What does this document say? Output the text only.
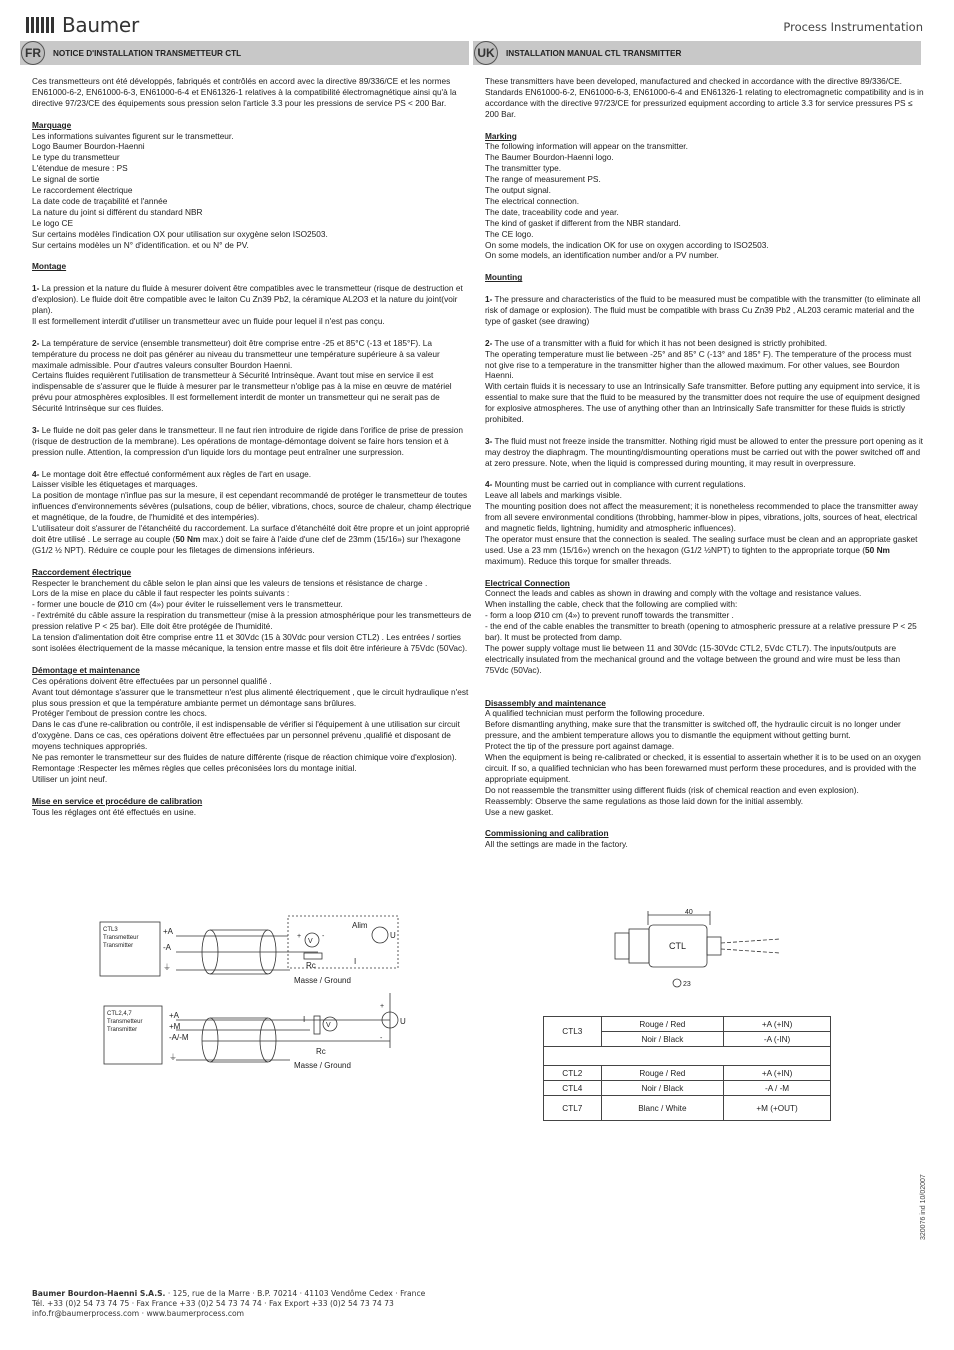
Baumer	Process Instrumentation
FR	NOTICE D'INSTALLATION TRANSMETTEUR CTL	UK	INSTALLATION MANUAL CTL TRANSMITTER

Ces transmetteurs ont été développés, fabriqués et contrôlés en accord avec la directive 89/336/CE et les normes EN61000-6-2, EN61000-6-3, EN61000-6-4 et EN61326-1 relatives à la compatibilité électromagnétique ainsi qu'à la directive 97/23/CE des équipements sous pression selon l'article 3.3 pour les pressions de service PS < 200 Bar.

Marquage

Les informations suivantes figurent sur le transmetteur.

Logo Baumer Bourdon-Haenni

Le type du transmetteur

L'étendue de mesure : PS

Le signal de sortie

Le raccordement électrique

La date code de traçabilité et l'année

La nature du joint si différent du standard NBR

Le logo CE

Sur certains modèles l'indication OX pour utilisation sur oxygène selon ISO2503.

Sur certains modèles un N° d'identification. et ou N° de PV.

Montage

1- La pression et la nature du fluide à mesurer doivent être compatibles avec le transmetteur (risque de destruction et d'explosion). Le fluide doit être compatible avec le laiton Cu Zn39 Pb2, la céramique AL2O3 et la nature du joint(voir plan).

Il est formellement interdit d'utiliser un transmetteur avec un fluide pour lequel il n'est pas conçu.

2- La température de service (ensemble transmetteur) doit être comprise entre -25 et 85°C (-13 et 185°F). La température du process ne doit pas générer au niveau du transmetteur une température supérieure à sa valeur maximale admissible. Pour d'autres valeurs consulter Bourdon Haenni.

Certains fluides requièrent l'utilisation de transmetteur à Sécurité Intrinsèque. Avant tout mise en service il est indispensable de s'assurer que le fluide à mesurer par le transmetteur n'oblige pas à la mise en œuvre de matériel prévu pour atmosphères explosibles. Il est formellement interdit de monter un transmetteur qui ne serait pas de Sécurité Intrinsèque sur ces fluides.

3- Le fluide ne doit pas geler dans le transmetteur. Il ne faut rien introduire de rigide dans l'orifice de prise de pression (risque de destruction de la membrane). Les opérations de montage-démontage doivent se faire hors tension et à pression nulle. Attention, la compression d'un liquide lors du montage peut entraîner une surpression.

4- Le montage doit être effectué conformément aux règles de l'art en usage.

Laisser visible les étiquetages et marquages.

La position de montage n'influe pas sur la mesure, il est cependant recommandé de protéger le transmetteur de toutes influences d'environnements sévères (pulsations, coup de bélier, vibrations, chocs, source de chaleur, champ électrique et magnétique, de la foudre, de l'humidité et des intempéries).

L'utilisateur doit s'assurer de l'étanchéité du raccordement. La surface d'étanchéité doit être propre et un joint approprié doit être utilisé . Le serrage au couple (50 Nm max.) doit se faire à l'aide d'une clef de 23mm (15/16») sur l'hexagone (G1/2 ½ NPT). Réduire ce couple pour les filetages de dimensions inférieurs.

Raccordement électrique

Respecter le branchement du câble selon le plan ainsi que les valeurs de tensions et résistance de charge .

Lors de la mise en place du câble il faut respecter les points suivants :

- former une boucle de Ø10 cm (4») pour éviter le ruissellement vers le transmetteur.

- l'extrémité du câble assure la respiration du transmetteur (mise à la pression atmosphérique pour les transmetteurs de pression relative P < 25 bar). Elle doit être protégée de l'humidité.

La tension d'alimentation doit être comprise entre 11 et 30Vdc (15 à 30Vdc pour version CTL2) . Les entrées / sorties sont isolées électriquement de la masse mécanique, la tension entre masse et fils doit être inférieure à 75Vdc (50Vac).

Démontage et maintenance

Ces opérations doivent être effectuées par un personnel qualifié .

Avant tout démontage s'assurer que le transmetteur n'est plus alimenté électriquement , que le circuit hydraulique n'est plus sous pression et que la température ambiante permet un démontage sans brûlures.

Protéger l'embout de pression contre les chocs.

Dans le cas d'une re-calibration ou contrôle, il est indispensable de vérifier si l'équipement à une utilisation sur circuit d'oxygène. Dans ce cas, ces opérations doivent être effectuées par un personnel prévenu ,qualifié et disposant de moyens techniques appropriés.

Ne pas remonter le transmetteur sur des fluides de nature différente (risque de réaction chimique voire d'explosion).

Remontage :Respecter les mêmes règles que celles préconisées lors du montage initial.

Utiliser un joint neuf.

Mise en service et procédure de calibration

Tous les réglages ont été effectués en usine.

These transmitters have been developed, manufactured and checked in accordance with the directive 89/336/CE. Standards EN61000-6-2, EN61000-6-3, EN61000-6-4 and EN61326-1 relating to electromagnetic compatibility and is in accordance with the directive 97/23/CE for pressurized equipment according to article 3.3 for service pressures PS ≤ 200 Bar.

Marking

The following information will appear on the transmitter.

The Baumer Bourdon-Haenni logo.

The transmitter type.

The range of measurement PS.

The output signal.

The electrical connection.

The date, traceability code and year.

The kind of gasket if different from the NBR standard.

The CE logo.

On some models, the indication OK for use on oxygen according to ISO2503.

On some models, an identification number and/or a PV number.

Mounting

1- The pressure and characteristics of the fluid to be measured must be compatible with the transmitter (to eliminate all risk of damage or explosion). The fluid must be compatible with brass Cu Zn39 Pb2 , AL203 ceramic material and the type of gasket (see drawing)

2- The use of a transmitter with a fluid for which it has not been designed is strictly prohibited.

The operating temperature must lie between -25° and 85° C (-13° and 185° F). The temperature of the process must not give rise to a temperature in the transmitter higher than the allowed maximum. For other values, see Bourdon Haenni.

With certain fluids it is necessary to use an Intrinsically Safe transmitter. Before putting any equipment into service, it is essential to make sure that the fluid to be measured by the transmitter does not require the use of equipment designed for explosive atmospheres. The use of anything other than an Intrinsically Safe transmitter for these fluids is strictly prohibited.

3- The fluid must not freeze inside the transmitter. Nothing rigid must be allowed to enter the pressure port opening as it may destroy the diaphragm. The mounting/dismounting operations must be carried out with the power switched off and at zero pressure. Note, when the liquid is compressed during mounting, it may result in overpressure.

4- Mounting must be carried out in compliance with current regulations.

Leave all labels and markings visible.

The mounting position does not affect the measurement; it is nonetheless recommended to place the transmitter away from all severe environmental conditions (throbbing, hammer-blow in pipes, vibrations, jolts, sources of heat, electrical and magnetic fields, lightning, humidity and atmospheric influences).

The operator must ensure that the connection is sealed. The sealing surface must be clean and an appropriate gasket used. Use a 23 mm (15/16») wrench on the hexagon (G1/2 ½NPT) to tighten to the appropriate torque (50 Nm maximum). Reduce this torque for smaller threads.

Electrical Connection

Connect the leads and cables as shown in drawing and comply with the voltage and resistance values.

When installing the cable, check that the following are complied with:

- form a loop Ø10 cm (4») to prevent runoff towards the transmitter .

- the end of the cable enables the transmitter to breath (opening to atmospheric pressure at a relative pressure P < 25 bar). It must be protected from damp.

The power supply voltage must lie between 11 and 30Vdc (15-30Vdc CTL2, 5Vdc CTL7). The inputs/outputs are electrically insulated from the mechanical ground and the voltage between the ground and wire must be less than 75Vdc (50Vac).

Disassembly and maintenance

A qualified technician must perform the following procedure.

Before dismantling anything, make sure that the transmitter is switched off, the hydraulic circuit is no longer under pressure, and the ambient temperature allows you to dismantle the equipment without getting burnt.

Protect the tip of the pressure port against damage.

When the equipment is being re-calibrated or checked, it is essential to assertain whether it is to be used on an oxygen circuit. If so, a qualified technician who has been forewarned must perform these procedures, and is provided with the appropriate equipment.

Do not reassemble the transmitter using different fluids (risk of chemical reaction and even explosion).

Reassembly: Observe the same regulations as those laid down for the initial assembly.

Use a new gasket.

Commissioning and calibration

All the settings are made in the factory.

CTL3
Transmetteur
Transmitter
+A
-A
⏚
V
Rc
+	-
Alim
U
I
Masse / Ground
CTL2,4,7
Transmetteur
Transmitter
+A
+M
-A/-M
⏚
V
I
Rc
U
+
-
Masse / Ground
40
CTL
23
CTL3	Rouge / Red	+A (+IN)
	Noir / Black	-A (-IN)

CTL2	Rouge / Red	+A (+IN)
CTL4	Noir / Black	-A / -M
CTL7	Blanc / White	+M (+OUT)
Baumer Bourdon-Haenni S.A.S. · 125, rue de la Marre · B.P. 70214 · 41103 Vendôme Cedex · France
Tél. +33 (0)2 54 73 74 75 · Fax France +33 (0)2 54 73 74 74 · Fax Export +33 (0)2 54 73 74 73
info.fr@baumerprocess.com · www.baumerprocess.com
320076 ind 10/02007
